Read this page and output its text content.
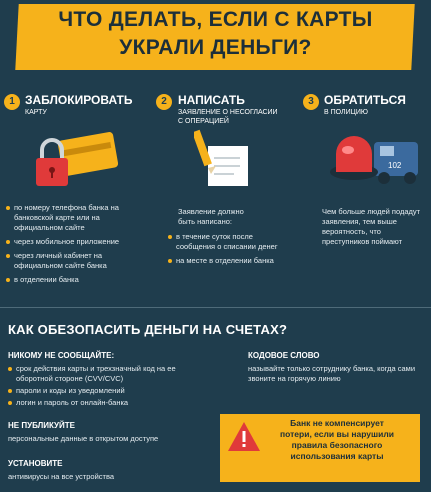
ЧТО ДЕЛАТЬ, ЕСЛИ С КАРТЫ
УКРАЛИ ДЕНЬГИ?
1 ЗАБЛОКИРОВАТЬ
КАРТУ
по номеру телефона банка на банковской карте или на официальном сайте
через мобильное приложение
через личный кабинет на официальном сайте банка
в отделении банка
2 НАПИСАТЬ
ЗАЯВЛЕНИЕ О НЕСОГЛАСИИ С ОПЕРАЦИЕЙ
Заявление должно быть написано:
в течение суток после сообщения о списании денег
на месте в отделении банка
3 ОБРАТИТЬСЯ
В ПОЛИЦИЮ
102
Чем больше людей подадут заявления, тем выше вероятность, что преступников поймают
КАК ОБЕЗОПАСИТЬ ДЕНЬГИ НА СЧЕТАХ?
НИКОМУ НЕ СООБЩАЙТЕ:
срок действия карты и трехзначный код на ее оборотной стороне (CVV/CVC)
пароли и коды из уведомлений
логин и пароль от онлайн-банка
КОДОВОЕ СЛОВО
называйте только сотруднику банка, когда сами звоните на горячую линию
НЕ ПУБЛИКУЙТЕ
персональные данные в открытом доступе
УСТАНОВИТЕ
антивирусы на все устройства
Банк не компенсирует
потери, если вы нарушили
правила безопасного
использования карты
